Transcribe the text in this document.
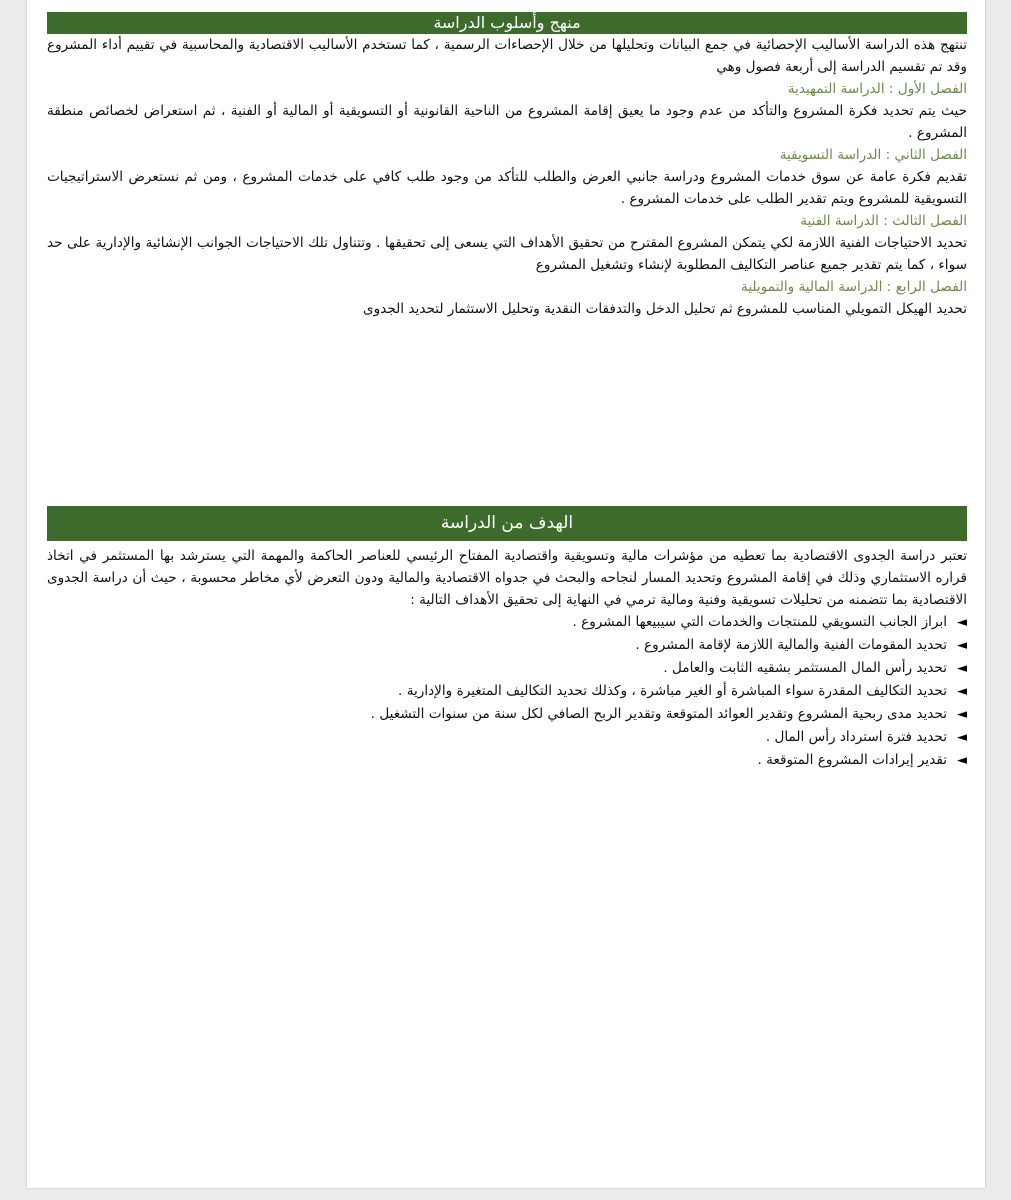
منهج وأسلوب الدراسة

تنتهج هذه الدراسة الأساليب الإحصائية في جمع البيانات وتحليلها من خلال الإحصاءات الرسمية ، كما تستخدم الأساليب الاقتصادية والمحاسبية في تقييم أداء المشروع وقد تم تقسيم الدراسة إلى أربعة فصول وهي

الفصل الأول : الدراسة التمهيدية

حيث يتم تحديد فكرة المشروع والتأكد من عدم وجود ما يعيق إقامة المشروع من الناحية القانونية أو التسويقية أو المالية أو الفنية ، ثم استعراض لخصائص منطقة المشروع .

الفصل الثاني : الدراسة التسويقية

تقديم فكرة عامة عن سوق خدمات المشروع ودراسة جانبي العرض والطلب للتأكد من وجود طلب كافي على خدمات المشروع ، ومن ثم نستعرض الاستراتيجيات التسويقية للمشروع ويتم تقدير الطلب على خدمات المشروع .

الفصل الثالث : الدراسة الفنية

تحديد الاحتياجات الفنية اللازمة لكي يتمكن المشروع المقترح من تحقيق الأهداف التي يسعى إلى تحقيقها . وتتناول تلك الاحتياجات الجوانب الإنشائية والإدارية على حد سواء ، كما يتم تقدير جميع عناصر التكاليف المطلوبة لإنشاء وتشغيل المشروع

الفصل الرابع : الدراسة المالية والتمويلية

تحديد الهيكل التمويلي المناسب للمشروع ثم تحليل الدخل والتدفقات النقدية وتحليل الاستثمار لتحديد الجدوى

الهدف من الدراسة

تعتبر دراسة الجدوى الاقتصادية بما تعطيه من مؤشرات مالية وتسويقية واقتصادية المفتاح الرئيسي للعناصر الحاكمة والمهمة التي يسترشد بها المستثمر في اتخاذ قراره الاستثماري وذلك في إقامة المشروع وتحديد المسار لنجاحه والبحث في جدواه الاقتصادية والمالية ودون التعرض لأي مخاطر محسوبة ، حيث أن دراسة الجدوى الاقتصادية بما تتضمنه من تحليلات تسويقية وفنية ومالية ترمي في النهاية إلى تحقيق الأهداف التالية :

◄
ابراز الجانب التسويقي للمنتجات والخدمات التي سيبيعها المشروع .
◄
تحديد المقومات الفنية والمالية اللازمة لإقامة المشروع .
◄
تحديد رأس المال المستثمر بشقيه الثابت والعامل .
◄
تحديد التكاليف المقدرة سواء المباشرة أو الغير مباشرة ، وكذلك تحديد التكاليف المتغيرة والإدارية .
◄
تحديد مدى ربحية المشروع وتقدير العوائد المتوقعة وتقدير الربح الصافي لكل سنة من سنوات التشغيل .
◄
تحديد فترة استرداد رأس المال .
◄
تقدير إيرادات المشروع المتوقعة .
